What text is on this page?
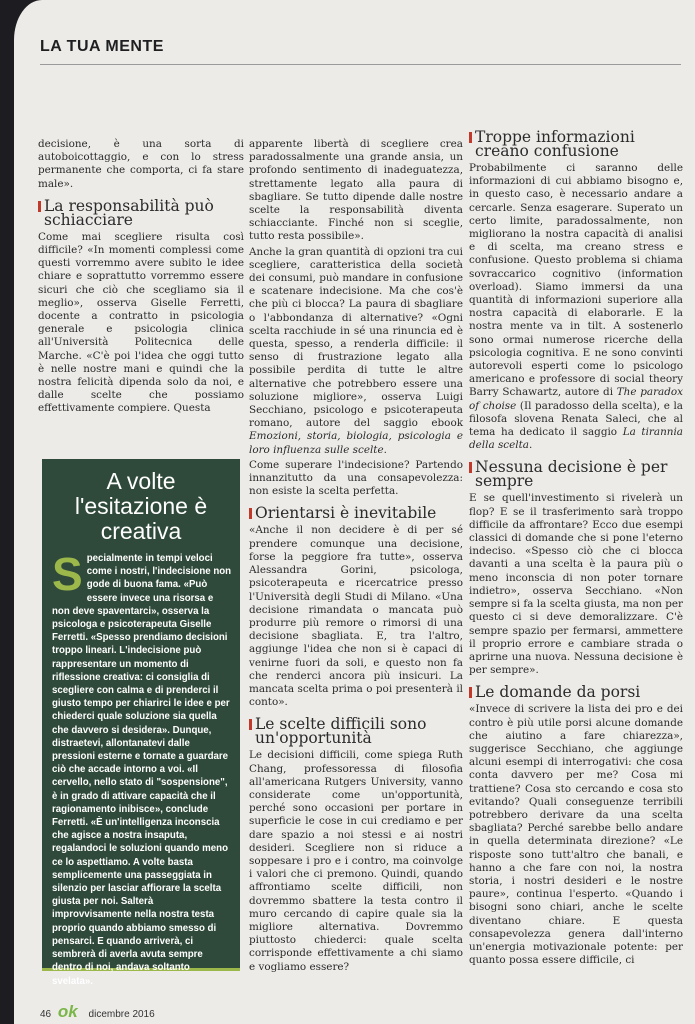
LA TUA MENTE

decisione, è una sorta di autoboicottaggio, e con lo stress permanente che comporta, ci fa stare male».

La responsabilità può schiacciare

Come mai scegliere risulta così difficile? «In momenti complessi come questi vorremmo avere subito le idee chiare e soprattutto vorremmo essere sicuri che ciò che scegliamo sia il meglio», osserva Giselle Ferretti, docente a contratto in psicologia generale e psicologia clinica all'Università Politecnica delle Marche. «C'è poi l'idea che oggi tutto è nelle nostre mani e quindi che la nostra felicità dipenda solo da noi, e dalle scelte che possiamo effettivamente compiere. Questa

A volte l'esitazione è creativa
Specialmente in tempi veloci come i nostri, l'indecisione non gode di buona fama. «Può essere invece una risorsa e non deve spaventarci», osserva la psicologa e psicoterapeuta Giselle Ferretti. «Spesso prendiamo decisioni troppo lineari. L'indecisione può rappresentare un momento di riflessione creativa: ci consiglia di scegliere con calma e di prenderci il giusto tempo per chiarirci le idee e per chiederci quale soluzione sia quella che davvero si desidera». Dunque, distraetevi, allontanatevi dalle pressioni esterne e tornate a guardare ciò che accade intorno a voi. «Il cervello, nello stato di "sospensione", è in grado di attivare capacità che il ragionamento inibisce», conclude Ferretti. «È un'intelligenza inconscia che agisce a nostra insaputa, regalandoci le soluzioni quando meno ce lo aspettiamo. A volte basta semplicemente una passeggiata in silenzio per lasciar affiorare la scelta giusta per noi. Salterà improvvisamente nella nostra testa proprio quando abbiamo smesso di pensarci. E quando arriverà, ci sembrerà di averla avuta sempre dentro di noi, andava soltanto svelata».

apparente libertà di scegliere crea paradossalmente una grande ansia, un profondo sentimento di inadeguatezza, strettamente legato alla paura di sbagliare. Se tutto dipende dalle nostre scelte la responsabilità diventa schiacciante. Finché non si sceglie, tutto resta possibile».

Anche la gran quantità di opzioni tra cui scegliere, caratteristica della società dei consumi, può mandare in confusione e scatenare indecisione. Ma che cos'è che più ci blocca? La paura di sbagliare o l'abbondanza di alternative? «Ogni scelta racchiude in sé una rinuncia ed è questa, spesso, a renderla difficile: il senso di frustrazione legato alla possibile perdita di tutte le altre alternative che potrebbero essere una soluzione migliore», osserva Luigi Secchiano, psicologo e psicoterapeuta romano, autore del saggio ebook Emozioni, storia, biologia, psicologia e loro influenza sulle scelte.

Come superare l'indecisione? Partendo innanzitutto da una consapevolezza: non esiste la scelta perfetta.

Orientarsi è inevitabile

«Anche il non decidere è di per sé prendere comunque una decisione, forse la peggiore fra tutte», osserva Alessandra Gorini, psicologa, psicoterapeuta e ricercatrice presso l'Università degli Studi di Milano. «Una decisione rimandata o mancata può produrre più remore o rimorsi di una decisione sbagliata. E, tra l'altro, aggiunge l'idea che non si è capaci di venirne fuori da soli, e questo non fa che renderci ancora più insicuri. La mancata scelta prima o poi presenterà il conto».

Le scelte difficili sono un'opportunità

Le decisioni difficili, come spiega Ruth Chang, professoressa di filosofia all'americana Rutgers University, vanno considerate come un'opportunità, perché sono occasioni per portare in superficie le cose in cui crediamo e per dare spazio a noi stessi e ai nostri desideri. Scegliere non si riduce a soppesare i pro e i contro, ma coinvolge i valori che ci premono. Quindi, quando affrontiamo scelte difficili, non dovremmo sbattere la testa contro il muro cercando di capire quale sia la migliore alternativa. Dovremmo piuttosto chiederci: quale scelta corrisponde effettivamente a chi siamo e vogliamo essere?

Troppe informazioni creano confusione

Probabilmente ci saranno delle informazioni di cui abbiamo bisogno e, in questo caso, è necessario andare a cercarle. Senza esagerare. Superato un certo limite, paradossalmente, non migliorano la nostra capacità di analisi e di scelta, ma creano stress e confusione. Questo problema si chiama sovraccarico cognitivo (information overload). Siamo immersi da una quantità di informazioni superiore alla nostra capacità di elaborarle. E la nostra mente va in tilt. A sostenerlo sono ormai numerose ricerche della psicologia cognitiva. E ne sono convinti autorevoli esperti come lo psicologo americano e professore di social theory Barry Schawartz, autore di The paradox of choise (Il paradosso della scelta), e la filosofa slovena Renata Saleci, che al tema ha dedicato il saggio La tirannia della scelta.

Nessuna decisione è per sempre

E se quell'investimento si rivelerà un flop? E se il trasferimento sarà troppo difficile da affrontare? Ecco due esempi classici di domande che si pone l'eterno indeciso. «Spesso ciò che ci blocca davanti a una scelta è la paura più o meno inconscia di non poter tornare indietro», osserva Secchiano. «Non sempre si fa la scelta giusta, ma non per questo ci si deve demoralizzare. C'è sempre spazio per fermarsi, ammettere il proprio errore e cambiare strada o aprirne una nuova. Nessuna decisione è per sempre».

Le domande da porsi

«Invece di scrivere la lista dei pro e dei contro è più utile porsi alcune domande che aiutino a fare chiarezza», suggerisce Secchiano, che aggiunge alcuni esempi di interrogativi: che cosa conta davvero per me? Cosa mi trattiene? Cosa sto cercando e cosa sto evitando? Quali conseguenze terribili potrebbero derivare da una scelta sbagliata? Perché sarebbe bello andare in quella determinata direzione? «Le risposte sono tutt'altro che banali, e hanno a che fare con noi, la nostra storia, i nostri desideri e le nostre paure», continua l'esperto. «Quando i bisogni sono chiari, anche le scelte diventano chiare. E questa consapevolezza genera dall'interno un'energia motivazionale potente: per quanto possa essere difficile, ci

46 ok dicembre 2016
